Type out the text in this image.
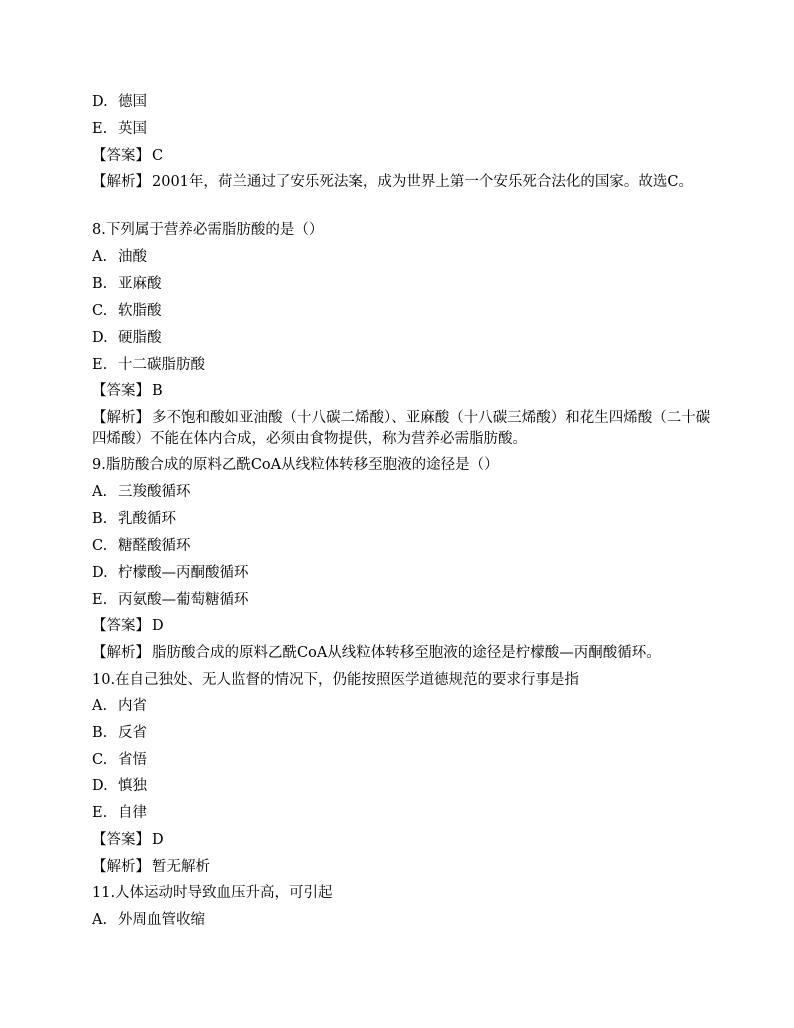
D. 德国
E. 英国
【答案】 C
【解析】 2001年，荷兰通过了安乐死法案，成为世界上第一个安乐死合法化的国家。故选C。
8.下列属于营养必需脂肪酸的是（）
A. 油酸
B. 亚麻酸
C. 软脂酸
D. 硬脂酸
E. 十二碳脂肪酸
【答案】 B
【解析】 多不饱和酸如亚油酸（十八碳二烯酸）、亚麻酸（十八碳三烯酸）和花生四烯酸（二十碳四烯酸）不能在体内合成，必须由食物提供，称为营养必需脂肪酸。
9.脂肪酸合成的原料乙酰CoA从线粒体转移至胞液的途径是（）
A. 三羧酸循环
B. 乳酸循环
C. 糖醛酸循环
D. 柠檬酸—丙酮酸循环
E. 丙氨酸—葡萄糖循环
【答案】 D
【解析】 脂肪酸合成的原料乙酰CoA从线粒体转移至胞液的途径是柠檬酸—丙酮酸循环。
10.在自己独处、无人监督的情况下，仍能按照医学道德规范的要求行事是指
A. 内省
B. 反省
C. 省悟
D. 慎独
E. 自律
【答案】 D
【解析】 暂无解析
11.人体运动时导致血压升高，可引起
A. 外周血管收缩
